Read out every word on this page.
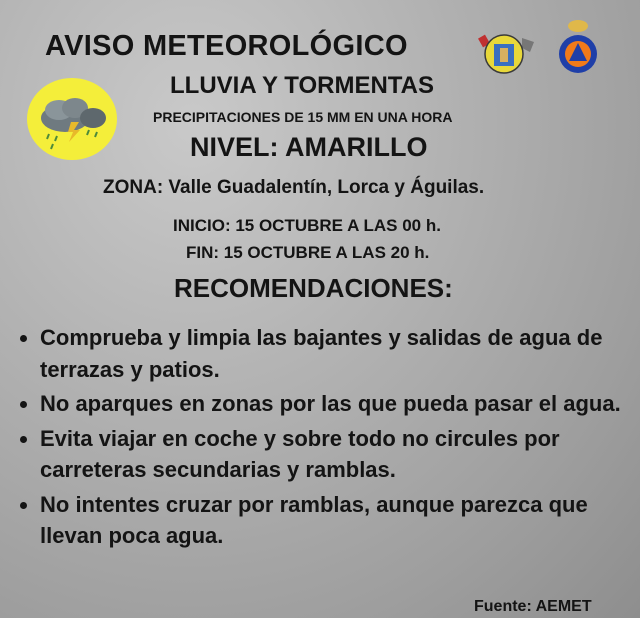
AVISO METEOROLÓGICO
LLUVIA Y TORMENTAS
PRECIPITACIONES DE 15 MM EN UNA HORA
NIVEL: AMARILLO
ZONA: Valle Guadalentín, Lorca y Águilas.
INICIO: 15 OCTUBRE A LAS 00 h.
FIN: 15 OCTUBRE A LAS 20 h.
RECOMENDACIONES:
Comprueba y limpia las bajantes y salidas de agua de terrazas y patios.
No aparques en zonas por las que pueda pasar el agua.
Evita viajar en coche y sobre todo no circules por carreteras secundarias y ramblas.
No intentes cruzar por ramblas, aunque parezca que llevan poca agua.
Fuente: AEMET
